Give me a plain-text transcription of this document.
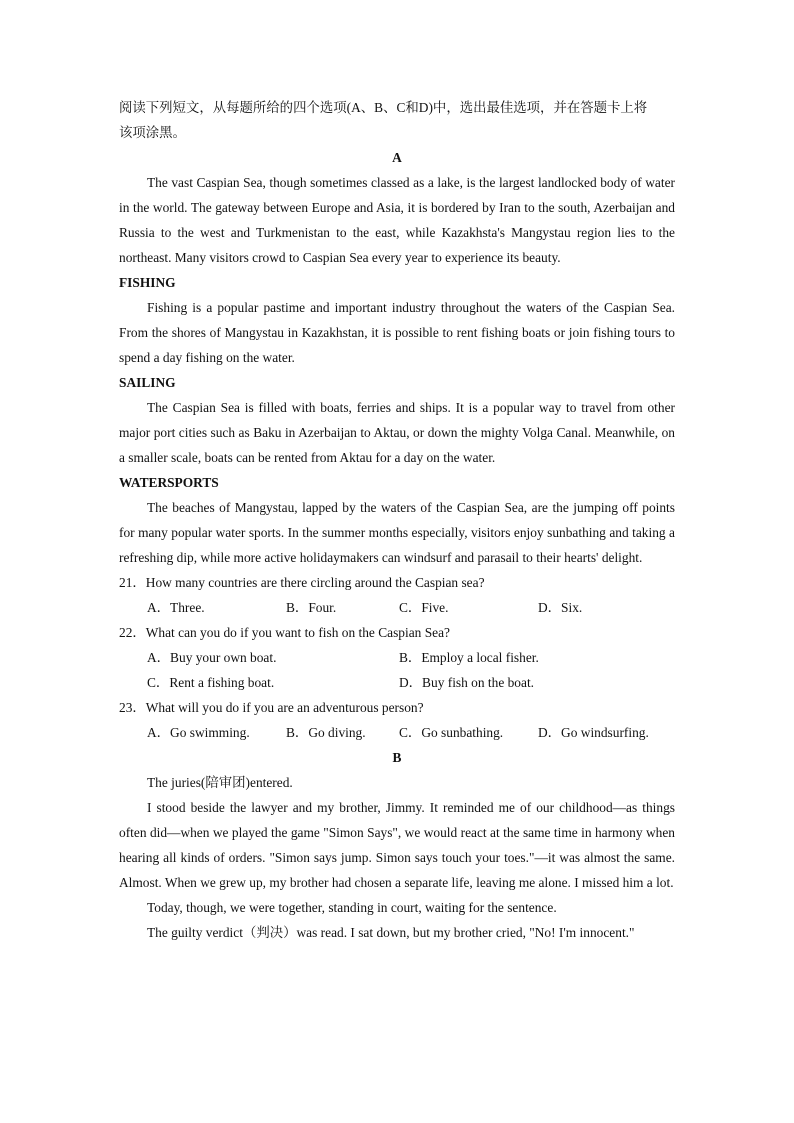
阅读下列短文，从每题所给的四个选项(A、B、C和D)中，选出最佳选项，并在答题卡上将
该项涂黑。
A

The vast Caspian Sea, though sometimes classed as a lake, is the largest landlocked body of water in the world. The gateway between Europe and Asia, it is bordered by Iran to the south, Azerbaijan and Russia to the west and Turkmenistan to the east, while Kazakhsta's Mangystau region lies to the northeast. Many visitors crowd to Caspian Sea every year to experience its beauty.

FISHING

Fishing is a popular pastime and important industry throughout the waters of the Caspian Sea. From the shores of Mangystau in Kazakhstan, it is possible to rent fishing boats or join fishing tours to spend a day fishing on the water.

SAILING

The Caspian Sea is filled with boats, ferries and ships. It is a popular way to travel from other major port cities such as Baku in Azerbaijan to Aktau, or down the mighty Volga Canal. Meanwhile, on a smaller scale, boats can be rented from Aktau for a day on the water.

WATERSPORTS

The beaches of Mangystau, lapped by the waters of the Caspian Sea, are the jumping off points for many popular water sports. In the summer months especially, visitors enjoy sunbathing and taking a refreshing dip, while more active holidaymakers can windsurf and parasail to their hearts' delight.

21．How many countries are there circling around the Caspian sea?
A．Three.	B．Four.	C．Five.	D．Six.
22．What can you do if you want to fish on the Caspian Sea?
A．Buy your own boat.	B．Employ a local fisher.
C．Rent a fishing boat.	D．Buy fish on the boat.
23．What will you do if you are an adventurous person?
A．Go swimming.	B．Go diving. C．Go sunbathing.	D．Go windsurfing.
B

The juries(陪审团)entered.

I stood beside the lawyer and my brother, Jimmy. It reminded me of our childhood—as things often did—when we played the game "Simon Says", we would react at the same time in harmony when hearing all kinds of orders. "Simon says jump. Simon says touch your toes."—it was almost the same. Almost. When we grew up, my brother had chosen a separate life, leaving me alone. I missed him a lot.

Today, though, we were together, standing in court, waiting for the sentence.

The guilty verdict（判决）was read. I sat down, but my brother cried, "No! I'm innocent."
